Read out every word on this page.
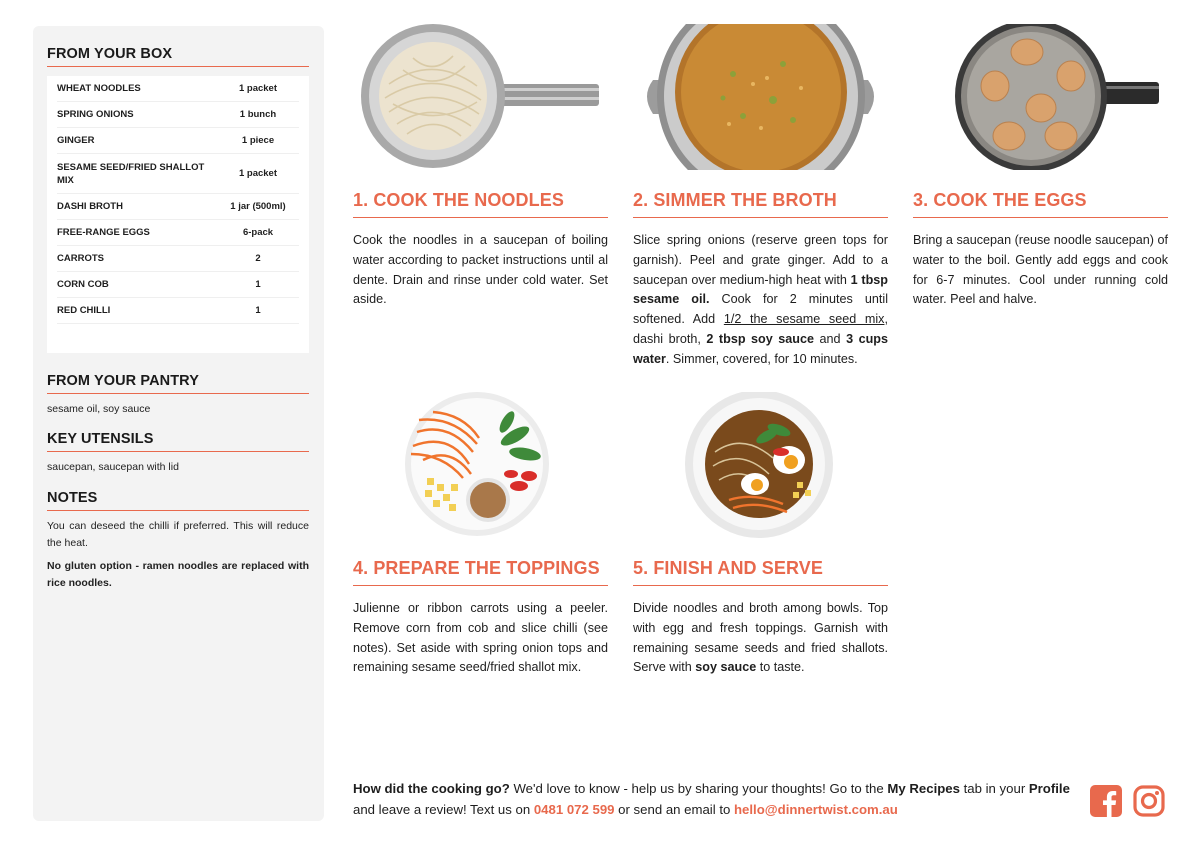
FROM YOUR BOX
WHEAT NOODLES	1 packet
SPRING ONIONS	1 bunch
GINGER	1 piece
SESAME SEED/FRIED SHALLOT MIX
1 packet
DASHI BROTH	1 jar (500ml)
FREE-RANGE EGGS	6-pack
CARROTS	2
CORN COB	1
RED CHILLI	1
FROM YOUR PANTRY
sesame oil, soy sauce
KEY UTENSILS
saucepan, saucepan with lid
NOTES
You can deseed the chilli if preferred. This will reduce the heat.
No gluten option - ramen noodles are replaced with rice noodles.
1. COOK THE NOODLES
Cook the noodles in a saucepan of boiling water according to packet instructions until al dente. Drain and rinse under cold water. Set aside.
2. SIMMER THE BROTH
Slice spring onions (reserve green tops for garnish). Peel and grate ginger. Add to a saucepan over medium-high heat with 1 tbsp sesame oil. Cook for 2 minutes until softened. Add 1/2 the sesame seed mix, dashi broth, 2 tbsp soy sauce and 3 cups water. Simmer, covered, for 10 minutes.
3. COOK THE EGGS
Bring a saucepan (reuse noodle saucepan) of water to the boil. Gently add eggs and cook for 6-7 minutes. Cool under running cold water. Peel and halve.
4. PREPARE THE TOPPINGS
Julienne or ribbon carrots using a peeler. Remove corn from cob and slice chilli (see notes). Set aside with spring onion tops and remaining sesame seed/fried shallot mix.
5. FINISH AND SERVE
Divide noodles and broth among bowls. Top with egg and fresh toppings. Garnish with remaining sesame seeds and fried shallots. Serve with soy sauce to taste.
How did the cooking go? We'd love to know - help us by sharing your thoughts! Go to the My Recipes tab in your Profile and leave a review! Text us on 0481 072 599 or send an email to hello@dinnertwist.com.au
